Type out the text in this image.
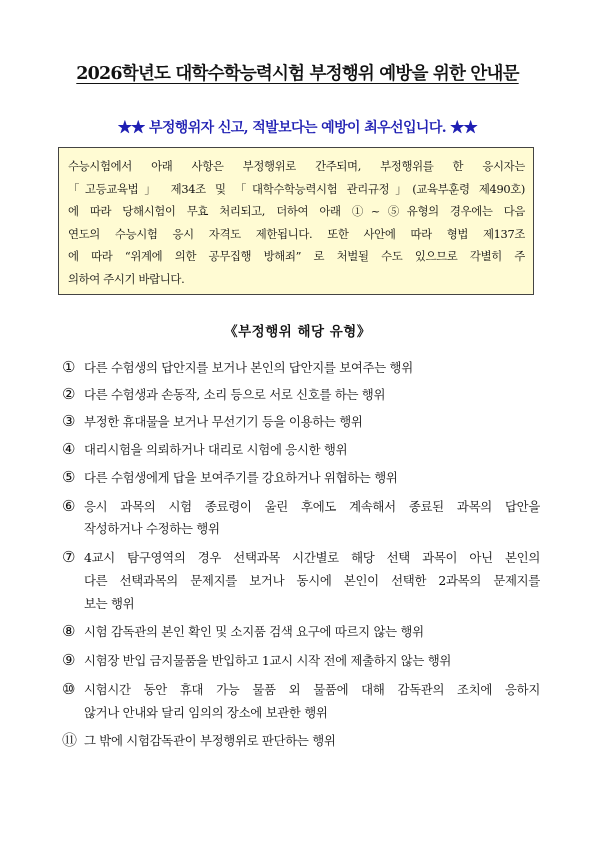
2026학년도 대학수학능력시험 부정행위 예방을 위한 안내문
★★ 부정행위자 신고, 적발보다는 예방이 최우선입니다. ★★
수능시험에서 아래 사항은 부정행위로 간주되며, 부정행위를 한 응시자는
「고등교육법」 제34조 및 「대학수학능력시험 관리규정」(교육부훈령 제490호)
에 따라 당해시험이 무효 처리되고, 더하여 아래 ①~⑤유형의 경우에는 다음
연도의 수능시험 응시 자격도 제한됩니다. 또한 사안에 따라 형법 제137조
에 따라 “위계에 의한 공무집행 방해죄” 로 처벌될 수도 있으므로 각별히 주
의하여 주시기 바랍니다.
《부정행위 해당 유형》
① 다른 수험생의 답안지를 보거나 본인의 답안지를 보여주는 행위
② 다른 수험생과 손동작, 소리 등으로 서로 신호를 하는 행위
③ 부정한 휴대물을 보거나 무선기기 등을 이용하는 행위
④ 대리시험을 의뢰하거나 대리로 시험에 응시한 행위
⑤ 다른 수험생에게 답을 보여주기를 강요하거나 위협하는 행위
⑥ 응시 과목의 시험 종료령이 울린 후에도 계속해서 종료된 과목의 답안을
작성하거나 수정하는 행위
⑦ 4교시 탐구영역의 경우 선택과목 시간별로 해당 선택 과목이 아닌 본인의
다른 선택과목의 문제지를 보거나 동시에 본인이 선택한 2과목의 문제지를
보는 행위
⑧ 시험 감독관의 본인 확인 및 소지품 검색 요구에 따르지 않는 행위
⑨ 시험장 반입 금지물품을 반입하고 1교시 시작 전에 제출하지 않는 행위
⑩ 시험시간 동안 휴대 가능 물품 외 물품에 대해 감독관의 조치에 응하지
않거나 안내와 달리 임의의 장소에 보관한 행위
⑪ 그 밖에 시험감독관이 부정행위로 판단하는 행위
